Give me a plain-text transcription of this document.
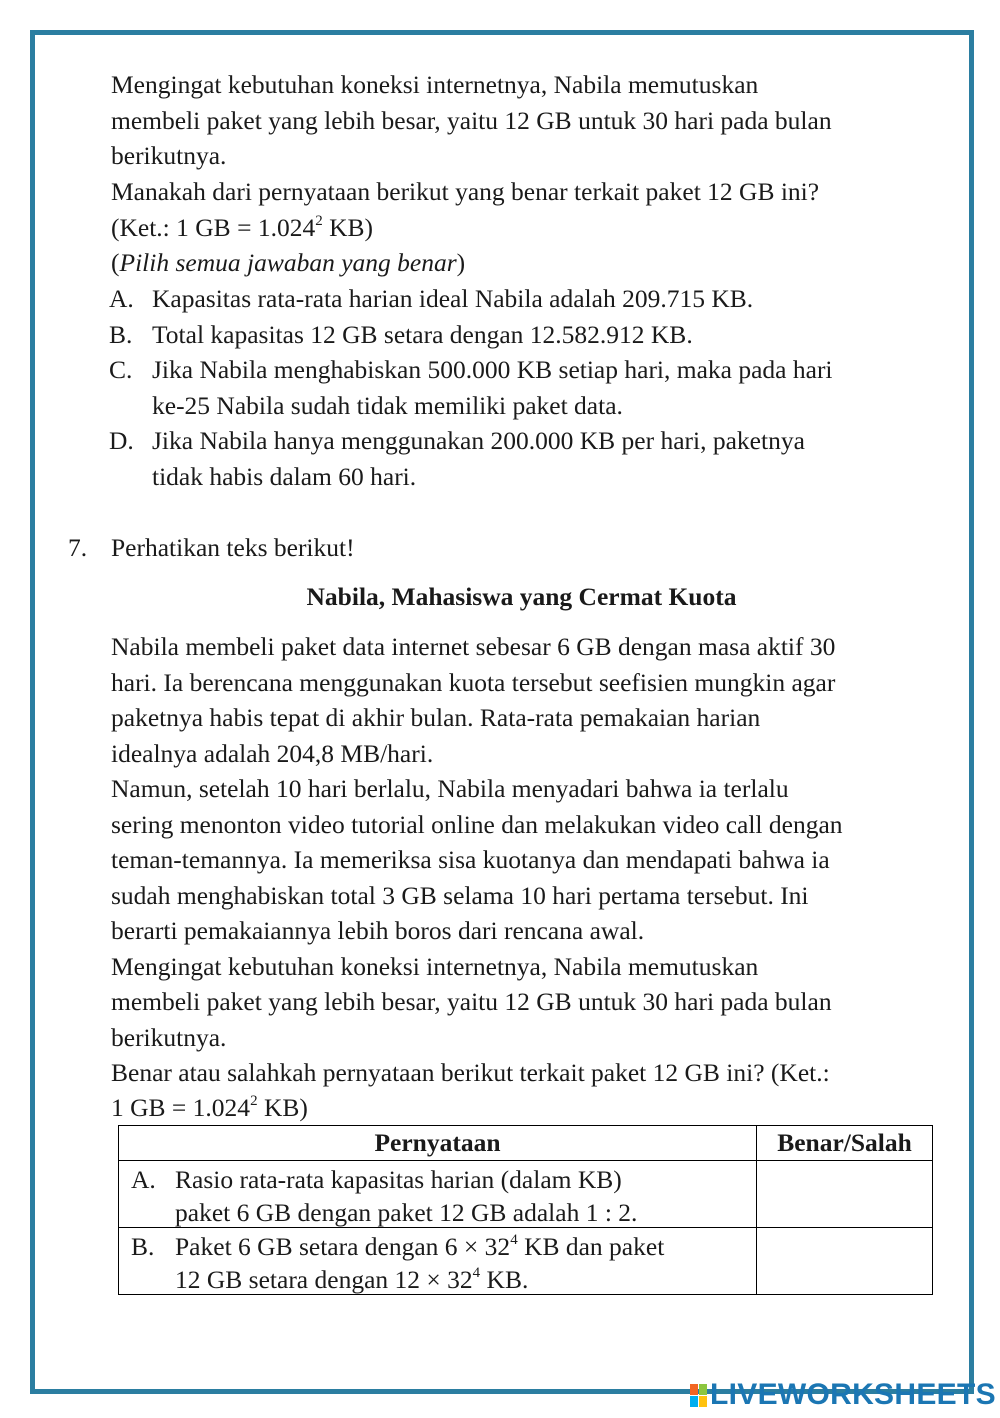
Mengingat kebutuhan koneksi internetnya, Nabila memutuskan
membeli paket yang lebih besar, yaitu 12 GB untuk 30 hari pada bulan
berikutnya.
Manakah dari pernyataan berikut yang benar terkait paket 12 GB ini?
(Ket.: 1 GB = $1.024^2$ KB)
(Pilih semua jawaban yang benar)
A. Kapasitas rata-rata harian ideal Nabila adalah 209.715 KB.
B. Total kapasitas 12 GB setara dengan 12.582.912 KB.
C. Jika Nabila menghabiskan 500.000 KB setiap hari, maka pada hari
ke-25 Nabila sudah tidak memiliki paket data.
D. Jika Nabila hanya menggunakan 200.000 KB per hari, paketnya
tidak habis dalam 60 hari.
7. Perhatikan teks berikut!
Nabila, Mahasiswa yang Cermat Kuota
Nabila membeli paket data internet sebesar 6 GB dengan masa aktif 30
hari. Ia berencana menggunakan kuota tersebut seefisien mungkin agar
paketnya habis tepat di akhir bulan. Rata-rata pemakaian harian
idealnya adalah 204,8 MB/hari.
Namun, setelah 10 hari berlalu, Nabila menyadari bahwa ia terlalu
sering menonton video tutorial online dan melakukan video call dengan
teman-temannya. Ia memeriksa sisa kuotanya dan mendapati bahwa ia
sudah menghabiskan total 3 GB selama 10 hari pertama tersebut. Ini
berarti pemakaiannya lebih boros dari rencana awal.
Mengingat kebutuhan koneksi internetnya, Nabila memutuskan
membeli paket yang lebih besar, yaitu 12 GB untuk 30 hari pada bulan
berikutnya.
Benar atau salahkah pernyataan berikut terkait paket 12 GB ini? (Ket.:
1 GB = $1.024^2$ KB)
Pernyataan	Benar/Salah

A. Rasio rata-rata kapasitas harian (dalam KB)
paket 6 GB dengan paket 12 GB adalah 1 : 2.	

B. Paket 6 GB setara dengan $6 \times 32^4$ KB dan paket
12 GB setara dengan $12 \times 32^4$ KB.	

LIVEWORKSHEETS
